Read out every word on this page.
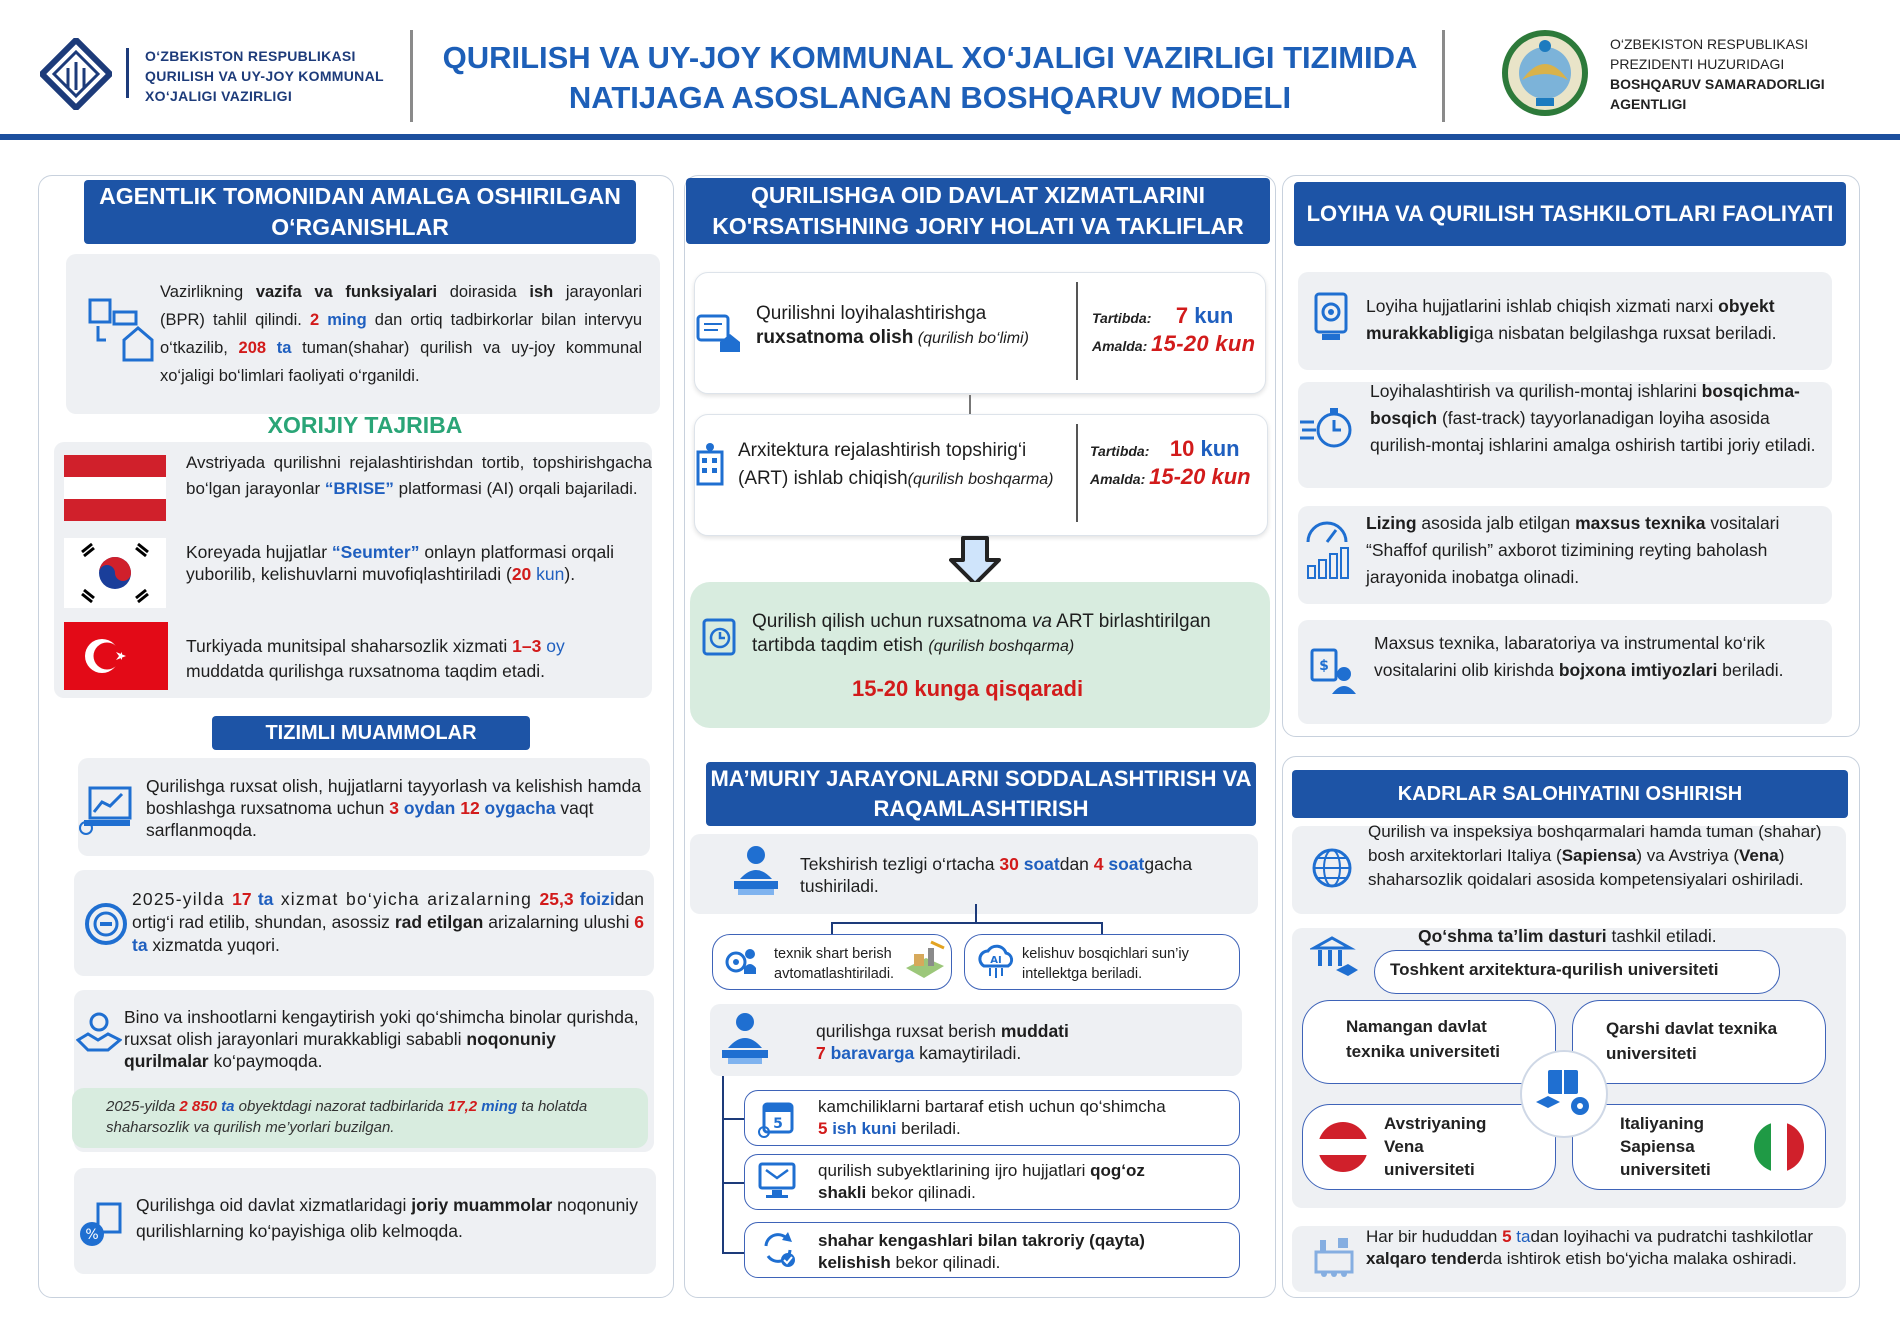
O‘ZBEKISTON RESPUBLIKASI
QURILISH VA UY-JOY KOMMUNAL
XO‘JALIGI VAZIRLIGI
QURILISH VA UY-JOY KOMMUNAL XO‘JALIGI VAZIRLIGI TIZIMIDA
NATIJAGA ASOSLANGAN BOSHQARUV MODELI
O‘ZBEKISTON RESPUBLIKASI
PREZIDENTI HUZURIDAGI
BOSHQARUV SAMARADORLIGI
AGENTLIGI
AGENTLIK TOMONIDAN AMALGA OSHIRILGAN O‘RGANISHLAR
Vazirlikning vazifa va funksiyalari doirasida ish jarayonlari (BPR) tahlil qilindi. 2 ming dan ortiq tadbirkorlar bilan intervyu o‘tkazilib, 208 ta tuman(shahar) qurilish va uy-joy kommunal xo‘jaligi bo‘limlari faoliyati o‘rganildi.
XORIJIY TAJRIBA
Avstriyada qurilishni rejalashtirishdan tortib, topshirishgacha bo‘lgan jarayonlar “BRISE” platformasi (AI) orqali bajariladi.
Koreyada hujjatlar “Seumter” onlayn platformasi orqali yuborilib, kelishuvlarni muvofiqlashtiriladi (20 kun).
Turkiyada munitsipal shaharsozlik xizmati 1–3 oy muddatda qurilishga ruxsatnoma taqdim etadi.
TIZIMLI MUAMMOLAR
Qurilishga ruxsat olish, hujjatlarni tayyorlash va kelishish hamda boshlashga ruxsatnoma uchun 3 oydan 12 oygacha vaqt sarflanmoqda.
2025-yilda 17 ta xizmat bo‘yicha arizalarning 25,3 foizidan ortig‘i rad etilib, shundan, asossiz rad etilgan arizalarning ulushi 6 ta xizmatda yuqori.
Bino va inshootlarni kengaytirish yoki qo‘shimcha binolar qurishda, ruxsat olish jarayonlari murakkabligi sababli noqonuniy qurilmalar ko‘paymoqda.
2025-yilda 2 850 ta obyektdagi nazorat tadbirlarida 17,2 ming ta holatda shaharsozlik va qurilish me’yorlari buzilgan.
%
Qurilishga oid davlat xizmatlaridagi joriy muammolar noqonuniy qurilishlarning ko‘payishiga olib kelmoqda.
QURILISHGA OID DAVLAT XIZMATLARINI KO'RSATISHNING JORIY HOLATI VA TAKLIFLAR
Qurilishni loyihalashtirishga
ruxsatnoma olish (qurilish bo‘limi)
Tartibda: 7 kun
Amalda: 15-20 kun
Arxitektura rejalashtirish topshirig‘i
(ART) ishlab chiqish(qurilish boshqarma)
Tartibda: 10 kun
Amalda: 15-20 kun
Qurilish qilish uchun ruxsatnoma va ART birlashtirilgan
tartibda taqdim etish (qurilish boshqarma)
15-20 kunga qisqaradi
MA’MURIY JARAYONLARNI SODDALASHTIRISH VA RAQAMLASHTIRISH
Tekshirish tezligi o‘rtacha 30 soatdan 4 soatgacha
tushiriladi.
texnik shart berish
avtomatlashtiriladi.
AI kelishuv bosqichlari sun’iy
intellektga beriladi.
qurilishga ruxsat berish muddati
7 baravarga kamaytiriladi.
5
kamchiliklarni bartaraf etish uchun qo‘shimcha
5 ish kuni beriladi.
qurilish subyektlarining ijro hujjatlari qog‘oz
shakli bekor qilinadi.
shahar kengashlari bilan takroriy (qayta)
kelishish bekor qilinadi.
LOYIHA VA QURILISH TASHKILOTLARI FAOLIYATI
Loyiha hujjatlarini ishlab chiqish xizmati narxi obyekt murakkabligiga nisbatan belgilashga ruxsat beriladi.
Loyihalashtirish va qurilish-montaj ishlarini bosqichma-bosqich (fast-track) tayyorlanadigan loyiha asosida qurilish-montaj ishlarini amalga oshirish tartibi joriy etiladi.
Lizing asosida jalb etilgan maxsus texnika vositalari “Shaffof qurilish” axborot tizimining reyting baholash jarayonida inobatga olinadi.
$
Maxsus texnika, labaratoriya va instrumental ko‘rik vositalarini olib kirishda bojxona imtiyozlari beriladi.
KADRLAR SALOHIYATINI OSHIRISH
Qurilish va inspeksiya boshqarmalari hamda tuman (shahar) bosh arxitektorlari Italiya (Sapiensa) va Avstriya (Vena) shaharsozlik qoidalari asosida kompetensiyalari oshiriladi.
Qo‘shma ta’lim dasturi tashkil etiladi.
Toshkent arxitektura-qurilish universiteti
Namangan davlat
texnika universiteti
Qarshi davlat texnika
universiteti
Avstriyaning
Vena
universiteti
Italiyaning
Sapiensa
universiteti
Har bir hududdan 5 tadan loyihachi va pudratchi tashkilotlar xalqaro tenderda ishtirok etish bo‘yicha malaka oshiradi.
